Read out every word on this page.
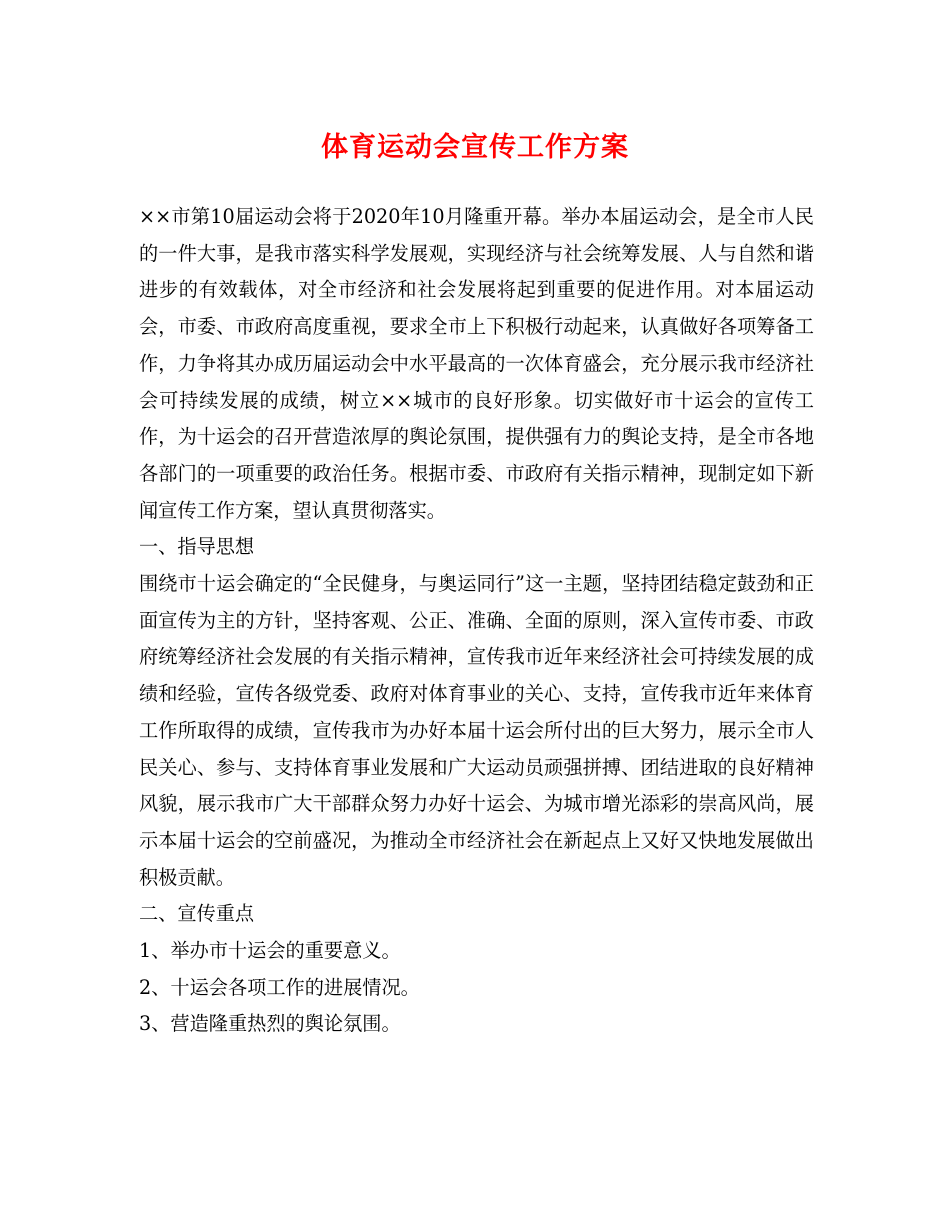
体育运动会宣传工作方案

××市第10届运动会将于2020年10月隆重开幕。举办本届运动会，是全市人民的一件大事，是我市落实科学发展观，实现经济与社会统筹发展、人与自然和谐进步的有效载体，对全市经济和社会发展将起到重要的促进作用。对本届运动会，市委、市政府高度重视，要求全市上下积极行动起来，认真做好各项筹备工作，力争将其办成历届运动会中水平最高的一次体育盛会，充分展示我市经济社会可持续发展的成绩，树立××城市的良好形象。切实做好市十运会的宣传工作，为十运会的召开营造浓厚的舆论氛围，提供强有力的舆论支持，是全市各地各部门的一项重要的政治任务。根据市委、市政府有关指示精神，现制定如下新闻宣传工作方案，望认真贯彻落实。

一、指导思想

围绕市十运会确定的“全民健身，与奥运同行”这一主题，坚持团结稳定鼓劲和正面宣传为主的方针，坚持客观、公正、准确、全面的原则，深入宣传市委、市政府统筹经济社会发展的有关指示精神，宣传我市近年来经济社会可持续发展的成绩和经验，宣传各级党委、政府对体育事业的关心、支持，宣传我市近年来体育工作所取得的成绩，宣传我市为办好本届十运会所付出的巨大努力，展示全市人民关心、参与、支持体育事业发展和广大运动员顽强拼搏、团结进取的良好精神风貌，展示我市广大干部群众努力办好十运会、为城市增光添彩的崇高风尚，展示本届十运会的空前盛况，为推动全市经济社会在新起点上又好又快地发展做出积极贡献。

二、宣传重点

1、举办市十运会的重要意义。

2、十运会各项工作的进展情况。

3、营造隆重热烈的舆论氛围。
